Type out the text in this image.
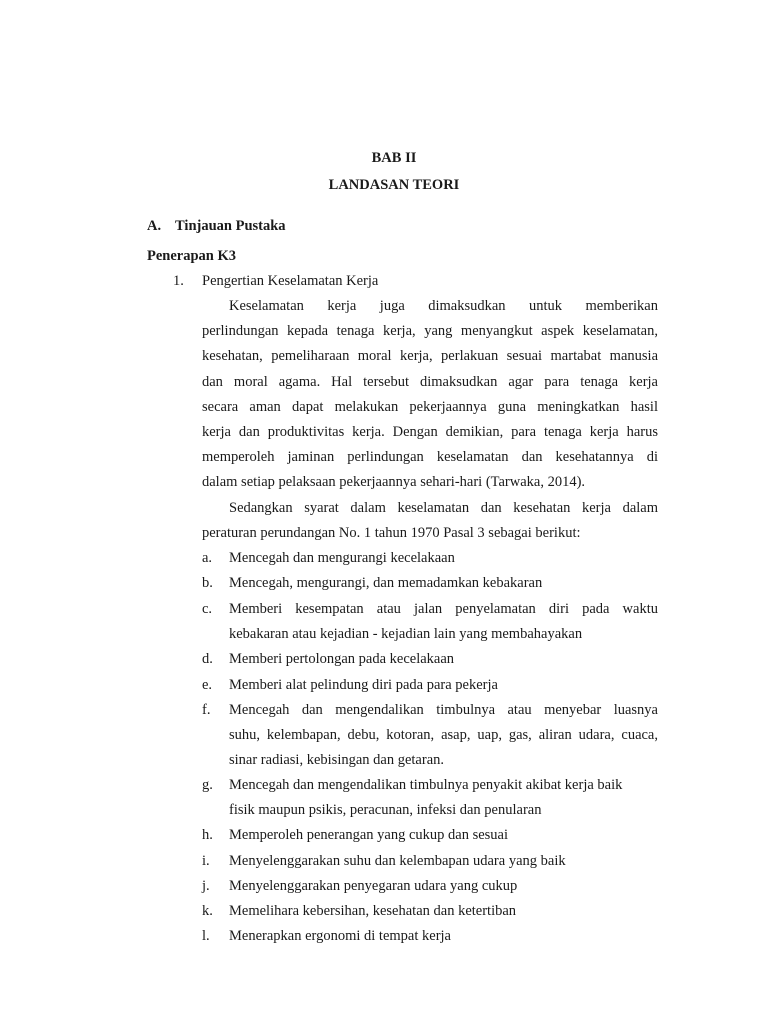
BAB II
LANDASAN TEORI
A. Tinjauan Pustaka
Penerapan K3
1. Pengertian Keselamatan Kerja
Keselamatan kerja juga dimaksudkan untuk memberikan
perlindungan kepada tenaga kerja, yang menyangkut aspek keselamatan,
kesehatan, pemeliharaan moral kerja, perlakuan sesuai martabat manusia
dan moral agama. Hal tersebut dimaksudkan agar para tenaga kerja
secara aman dapat melakukan pekerjaannya guna meningkatkan hasil
kerja dan produktivitas kerja. Dengan demikian, para tenaga kerja harus
memperoleh jaminan perlindungan keselamatan dan kesehatannya di
dalam setiap pelaksaan pekerjaannya sehari-hari (Tarwaka, 2014).
Sedangkan syarat dalam keselamatan dan kesehatan kerja dalam
peraturan perundangan No. 1 tahun 1970 Pasal 3 sebagai berikut:
a. Mencegah dan mengurangi kecelakaan
b. Mencegah, mengurangi, dan memadamkan kebakaran
c. Memberi kesempatan atau jalan penyelamatan diri pada waktu
kebakaran atau kejadian - kejadian lain yang membahayakan
d. Memberi pertolongan pada kecelakaan
e. Memberi alat pelindung diri pada para pekerja
f. Mencegah dan mengendalikan timbulnya atau menyebar luasnya
suhu, kelembapan, debu, kotoran, asap, uap, gas, aliran udara, cuaca,
sinar radiasi, kebisingan dan getaran.
g. Mencegah dan mengendalikan timbulnya penyakit akibat kerja baik
fisik maupun psikis, peracunan, infeksi dan penularan
h. Memperoleh penerangan yang cukup dan sesuai
i. Menyelenggarakan suhu dan kelembapan udara yang baik
j. Menyelenggarakan penyegaran udara yang cukup
k. Memelihara kebersihan, kesehatan dan ketertiban
l. Menerapkan ergonomi di tempat kerja
